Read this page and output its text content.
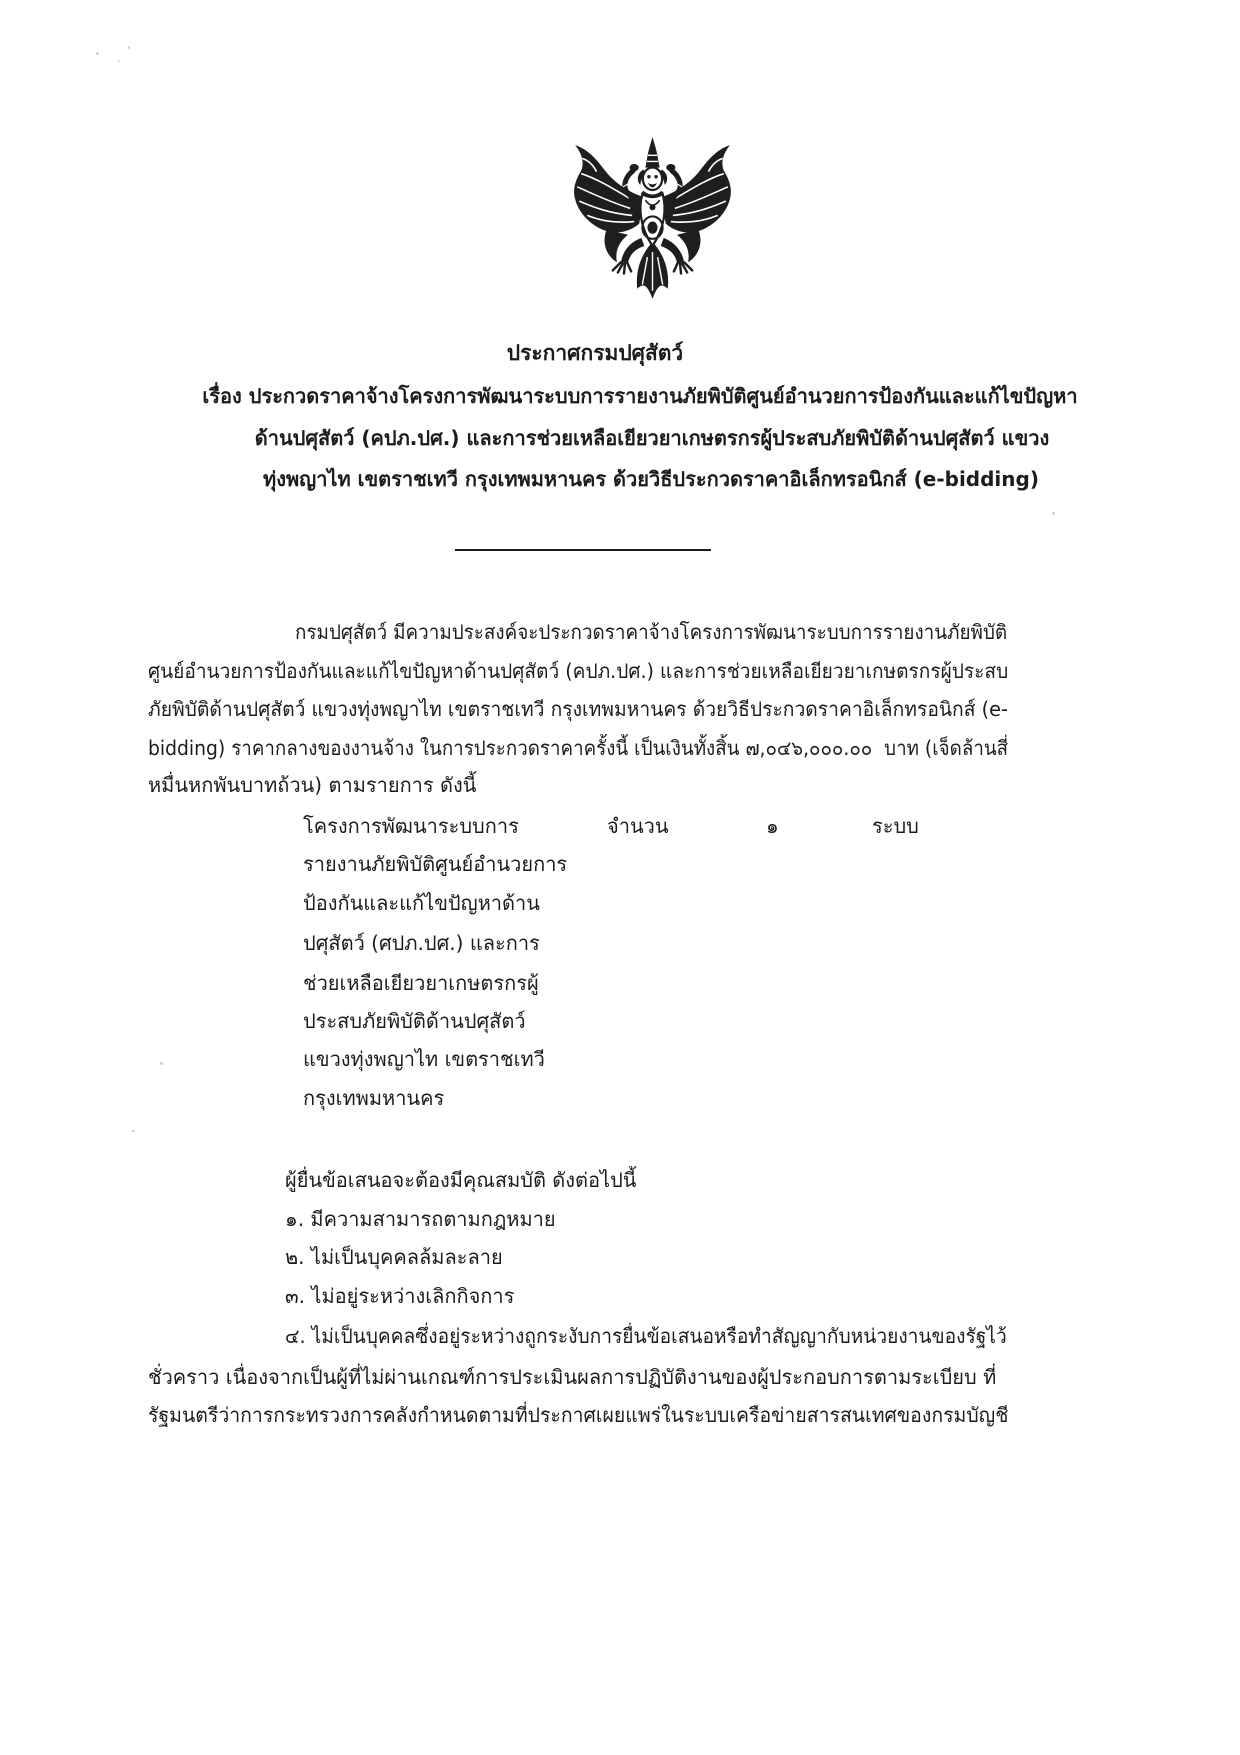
ประกาศกรมปศุสัตว์
เรื่อง ประกวดราคาจ้างโครงการพัฒนาระบบการรายงานภัยพิบัติศูนย์อำนวยการป้องกันและแก้ไขปัญหา
ด้านปศุสัตว์ (คปภ.ปศ.) และการช่วยเหลือเยียวยาเกษตรกรผู้ประสบภัยพิบัติด้านปศุสัตว์ แขวง
ทุ่งพญาไท เขตราชเทวี กรุงเทพมหานคร ด้วยวิธีประกวดราคาอิเล็กทรอนิกส์ (e-bidding)
กรมปศุสัตว์ มีความประสงค์จะประกวดราคาจ้างโครงการพัฒนาระบบการรายงานภัยพิบัติ
ศูนย์อำนวยการป้องกันและแก้ไขปัญหาด้านปศุสัตว์ (คปภ.ปศ.) และการช่วยเหลือเยียวยาเกษตรกรผู้ประสบ
ภัยพิบัติด้านปศุสัตว์ แขวงทุ่งพญาไท เขตราชเทวี กรุงเทพมหานคร ด้วยวิธีประกวดราคาอิเล็กทรอนิกส์ (e-
bidding) ราคากลางของงานจ้าง ในการประกวดราคาครั้งนี้ เป็นเงินทั้งสิ้น ๗,๐๔๖,๐๐๐.๐๐  บาท (เจ็ดล้านสี่
หมื่นหกพันบาทถ้วน) ตามรายการ ดังนี้
โครงการพัฒนาระบบการ
รายงานภัยพิบัติศูนย์อำนวยการ
ป้องกันและแก้ไขปัญหาด้าน
ปศุสัตว์ (ศปภ.ปศ.) และการ
ช่วยเหลือเยียวยาเกษตรกรผู้
ประสบภัยพิบัติด้านปศุสัตว์
แขวงทุ่งพญาไท เขตราชเทวี
กรุงเทพมหานคร
จำนวน	๑	ระบบ
ผู้ยื่นข้อเสนอจะต้องมีคุณสมบัติ ดังต่อไปนี้
๑. มีความสามารถตามกฎหมาย
๒. ไม่เป็นบุคคลล้มละลาย
๓. ไม่อยู่ระหว่างเลิกกิจการ
๔. ไม่เป็นบุคคลซึ่งอยู่ระหว่างถูกระงับการยื่นข้อเสนอหรือทำสัญญากับหน่วยงานของรัฐไว้
ชั่วคราว เนื่องจากเป็นผู้ที่ไม่ผ่านเกณฑ์การประเมินผลการปฏิบัติงานของผู้ประกอบการตามระเบียบ ที่
รัฐมนตรีว่าการกระทรวงการคลังกำหนดตามที่ประกาศเผยแพร่ในระบบเครือข่ายสารสนเทศของกรมบัญชี
